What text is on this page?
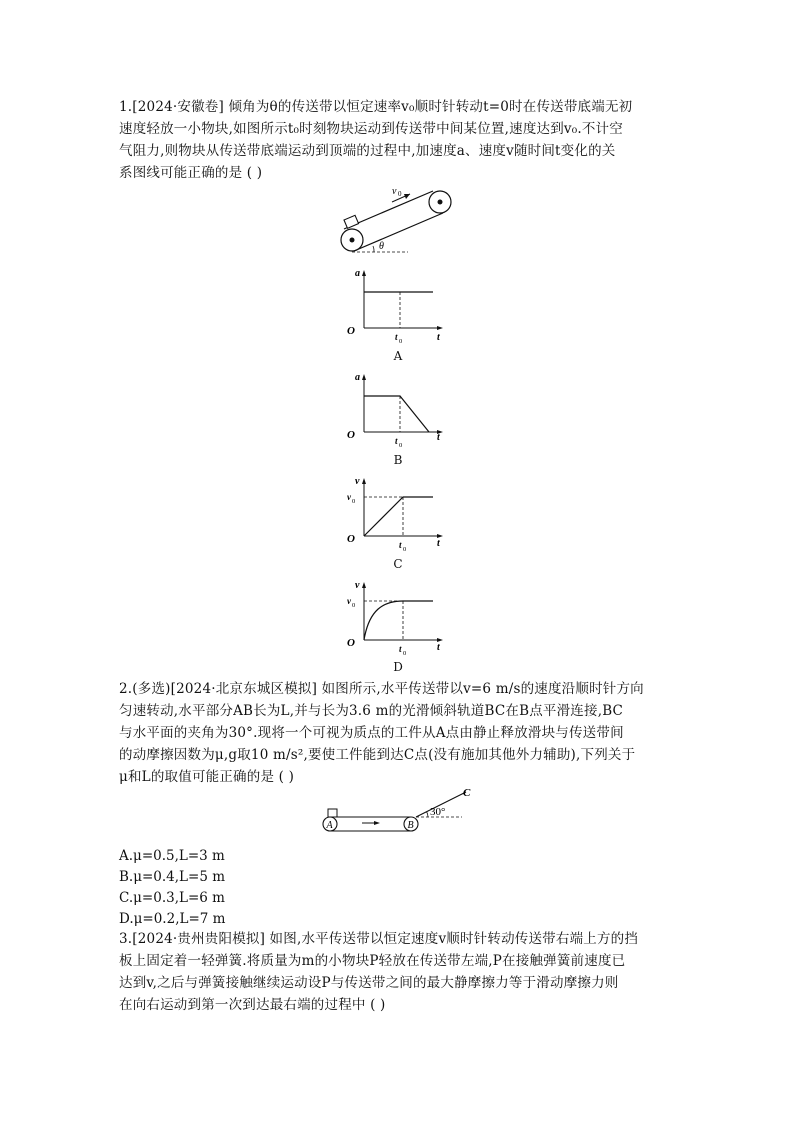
1.[2024·安徽卷] 倾角为θ的传送带以恒定速率v₀顺时针转动t=0时在传送带底端无初
速度轻放一小物块,如图所示t₀时刻物块运动到传送带中间某位置,速度达到v₀.不计空
气阻力,则物块从传送带底端运动到顶端的过程中,加速度a、速度v随时间t变化的关
系图线可能正确的是 ( )
v 0
θ
a
O
t
t 0
A
a
O	t
t 0
B
v
v 0
O	t
t 0
C
v
v 0
O	t
t 0
D
2.(多选)[2024·北京东城区模拟] 如图所示,水平传送带以v=6 m/s的速度沿顺时针方向
匀速转动,水平部分AB长为L,并与长为3.6 m的光滑倾斜轨道BC在B点平滑连接,BC
与水平面的夹角为30°.现将一个可视为质点的工件从A点由静止释放滑块与传送带间
的动摩擦因数为μ,g取10 m/s²,要使工件能到达C点(没有施加其他外力辅助),下列关于
μ和L的取值可能正确的是 ( )
A	B
30°
C
A.μ=0.5,L=3 m
B.μ=0.4,L=5 m
C.μ=0.3,L=6 m
D.μ=0.2,L=7 m
3.[2024·贵州贵阳模拟] 如图,水平传送带以恒定速度v顺时针转动传送带右端上方的挡
板上固定着一轻弹簧.将质量为m的小物块P轻放在传送带左端,P在接触弹簧前速度已
达到v,之后与弹簧接触继续运动设P与传送带之间的最大静摩擦力等于滑动摩擦力则
在向右运动到第一次到达最右端的过程中 ( )
